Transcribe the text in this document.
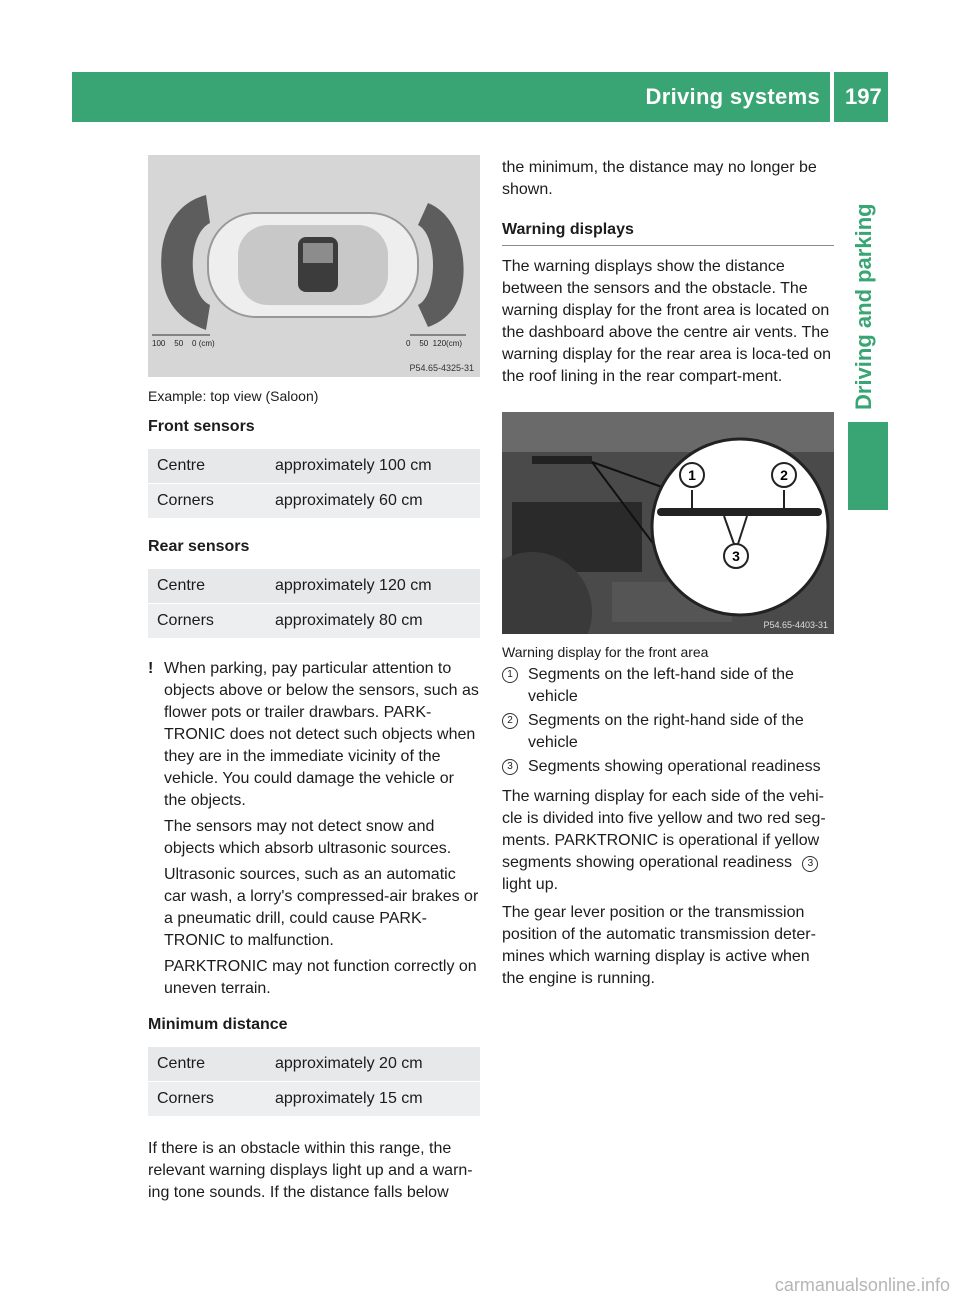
Driving systems 197
Driving and parking
100    50    0 (cm)	0    50  120(cm)
P54.65-4325-31

Example: top view (Saloon)

Front sensors

Centre	approximately 100 cm
Corners	approximately 60 cm

Rear sensors

Centre	approximately 120 cm
Corners	approximately 80 cm
! When parking, pay particular attention to objects above or below the sensors, such as flower pots or trailer drawbars. PARK-TRONIC does not detect such objects when they are in the immediate vicinity of the vehicle. You could damage the vehicle or the objects.

The sensors may not detect snow and objects which absorb ultrasonic sources.

Ultrasonic sources, such as an automatic car wash, a lorry's compressed-air brakes or a pneumatic drill, could cause PARK-TRONIC to malfunction.

PARKTRONIC may not function correctly on uneven terrain.

Minimum distance

Centre	approximately 20 cm
Corners	approximately 15 cm

If there is an obstacle within this range, the relevant warning displays light up and a warn-ing tone sounds. If the distance falls below

the minimum, the distance may no longer be shown.

Warning displays

The warning displays show the distance between the sensors and the obstacle. The warning display for the front area is located on the dashboard above the centre air vents. The warning display for the rear area is loca-ted on the roof lining in the rear compart-ment.

1	2
3
P54.65-4403-31

Warning display for the front area

1 Segments on the left-hand side of the vehicle

2 Segments on the right-hand side of the vehicle

3 Segments showing operational readiness

The warning display for each side of the vehi-cle is divided into five yellow and two red seg-ments. PARKTRONIC is operational if yellow segments showing operational readiness 3
light up.

The gear lever position or the transmission position of the automatic transmission deter-mines which warning display is active when the engine is running.

carmanualsonline.info
